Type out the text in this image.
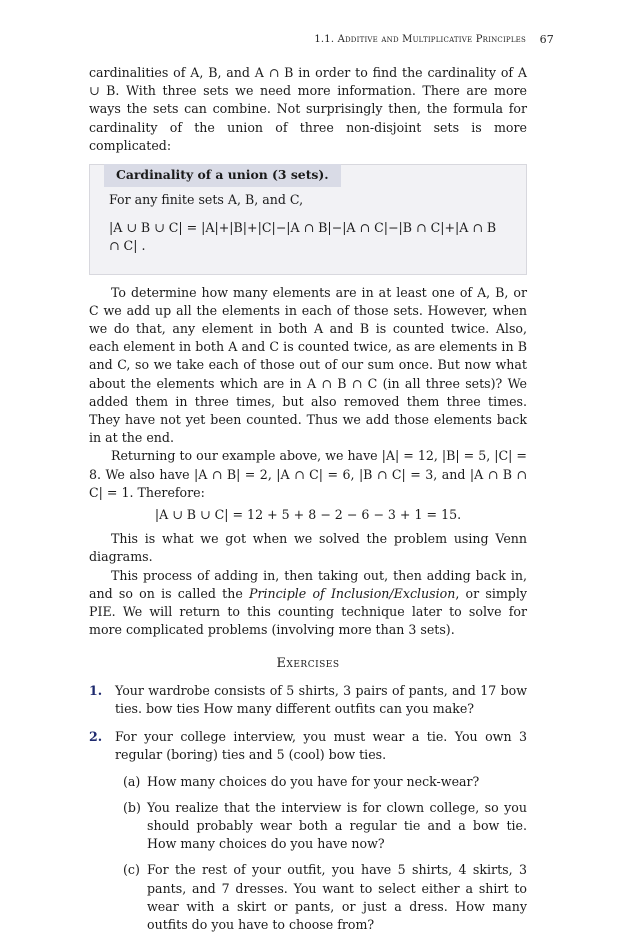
1.1. Additive and Multiplicative Principles 67

cardinalities of A, B, and A ∩ B in order to find the cardinality of A ∪ B. With three sets we need more information. There are more ways the sets can combine. Not surprisingly then, the formula for cardinality of the union of three non-disjoint sets is more complicated:

Cardinality of a union (3 sets).
For any finite sets A, B, and C,
|A ∪ B ∪ C| = |A|+|B|+|C|−|A ∩ B|−|A ∩ C|−|B ∩ C|+|A ∩ B ∩ C| .

To determine how many elements are in at least one of A, B, or C we add up all the elements in each of those sets. However, when we do that, any element in both A and B is counted twice. Also, each element in both A and C is counted twice, as are elements in B and C, so we take each of those out of our sum once. But now what about the elements which are in A ∩ B ∩ C (in all three sets)? We added them in three times, but also removed them three times. They have not yet been counted. Thus we add those elements back in at the end.

Returning to our example above, we have |A| = 12, |B| = 5, |C| = 8. We also have |A ∩ B| = 2, |A ∩ C| = 6, |B ∩ C| = 3, and |A ∩ B ∩ C| = 1. Therefore:

|A ∪ B ∪ C| = 12 + 5 + 8 − 2 − 6 − 3 + 1 = 15.

This is what we got when we solved the problem using Venn diagrams.

This process of adding in, then taking out, then adding back in, and so on is called the Principle of Inclusion/Exclusion, or simply PIE. We will return to this counting technique later to solve for more complicated problems (involving more than 3 sets).

Exercises
1. Your wardrobe consists of 5 shirts, 3 pairs of pants, and 17 bow ties. bow ties How many different outfits can you make?

2. For your college interview, you must wear a tie. You own 3 regular (boring) ties and 5 (cool) bow ties.

(a) How many choices do you have for your neck-wear?

(b) You realize that the interview is for clown college, so you should probably wear both a regular tie and a bow tie. How many choices do you have now?

(c) For the rest of your outfit, you have 5 shirts, 4 skirts, 3 pants, and 7 dresses. You want to select either a shirt to wear with a skirt or pants, or just a dress. How many outfits do you have to choose from?
